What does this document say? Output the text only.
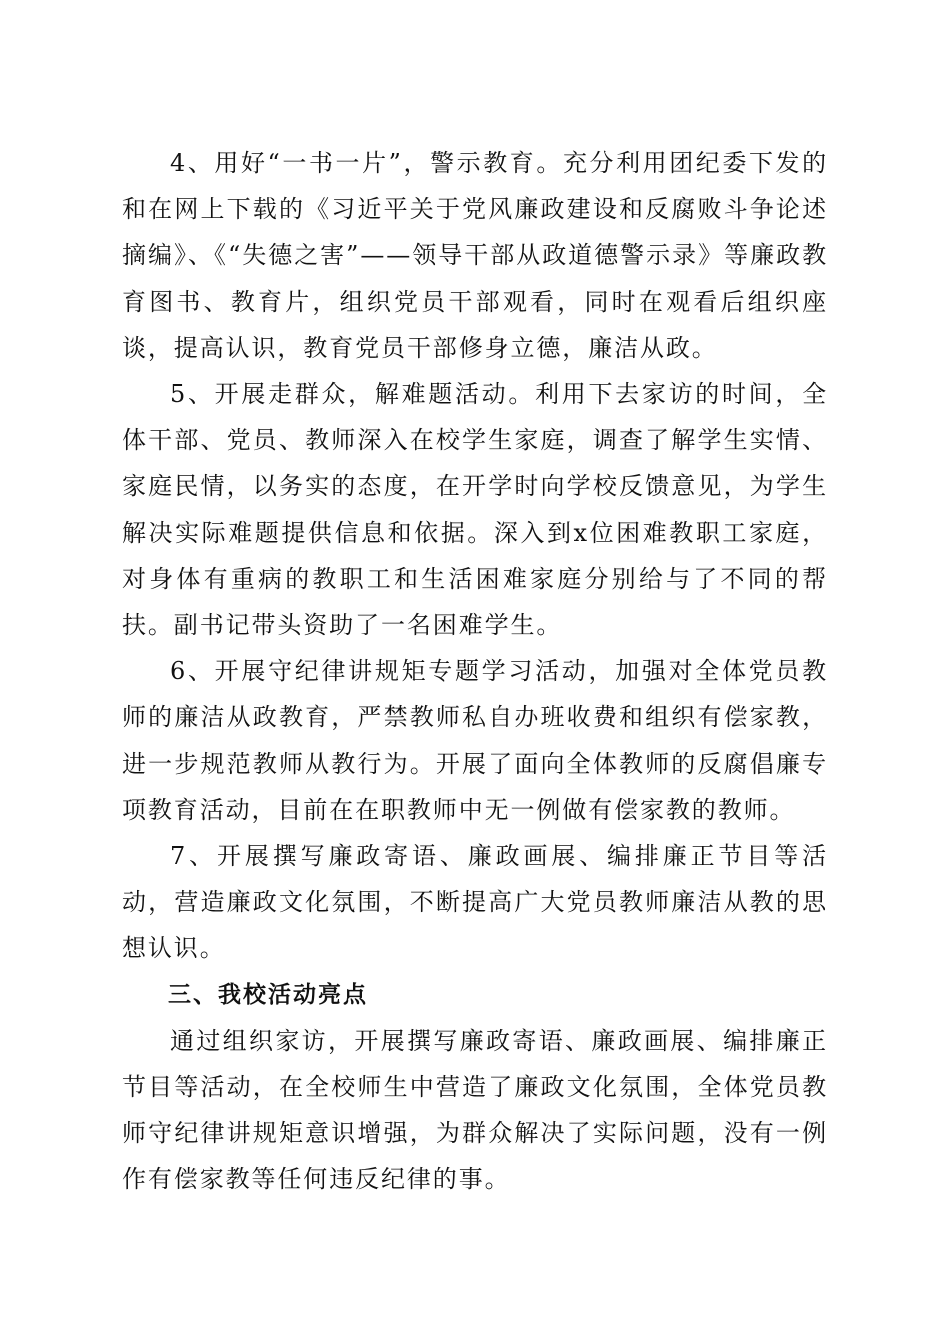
4、用好“一书一片”，警示教育。充分利用团纪委下发的和在网上下载的《习近平关于党风廉政建设和反腐败斗争论述摘编》、《“失德之害”——领导干部从政道德警示录》等廉政教育图书、教育片，组织党员干部观看，同时在观看后组织座谈，提高认识，教育党员干部修身立德，廉洁从政。

5、开展走群众，解难题活动。利用下去家访的时间，全体干部、党员、教师深入在校学生家庭，调查了解学生实情、家庭民情，以务实的态度，在开学时向学校反馈意见，为学生解决实际难题提供信息和依据。深入到x位困难教职工家庭，对身体有重病的教职工和生活困难家庭分别给与了不同的帮扶。副书记带头资助了一名困难学生。

6、开展守纪律讲规矩专题学习活动，加强对全体党员教师的廉洁从政教育，严禁教师私自办班收费和组织有偿家教，进一步规范教师从教行为。开展了面向全体教师的反腐倡廉专项教育活动，目前在在职教师中无一例做有偿家教的教师。

7、开展撰写廉政寄语、廉政画展、编排廉正节目等活动，营造廉政文化氛围，不断提高广大党员教师廉洁从教的思想认识。

三、我校活动亮点

通过组织家访，开展撰写廉政寄语、廉政画展、编排廉正节目等活动，在全校师生中营造了廉政文化氛围，全体党员教师守纪律讲规矩意识增强，为群众解决了实际问题，没有一例作有偿家教等任何违反纪律的事。
